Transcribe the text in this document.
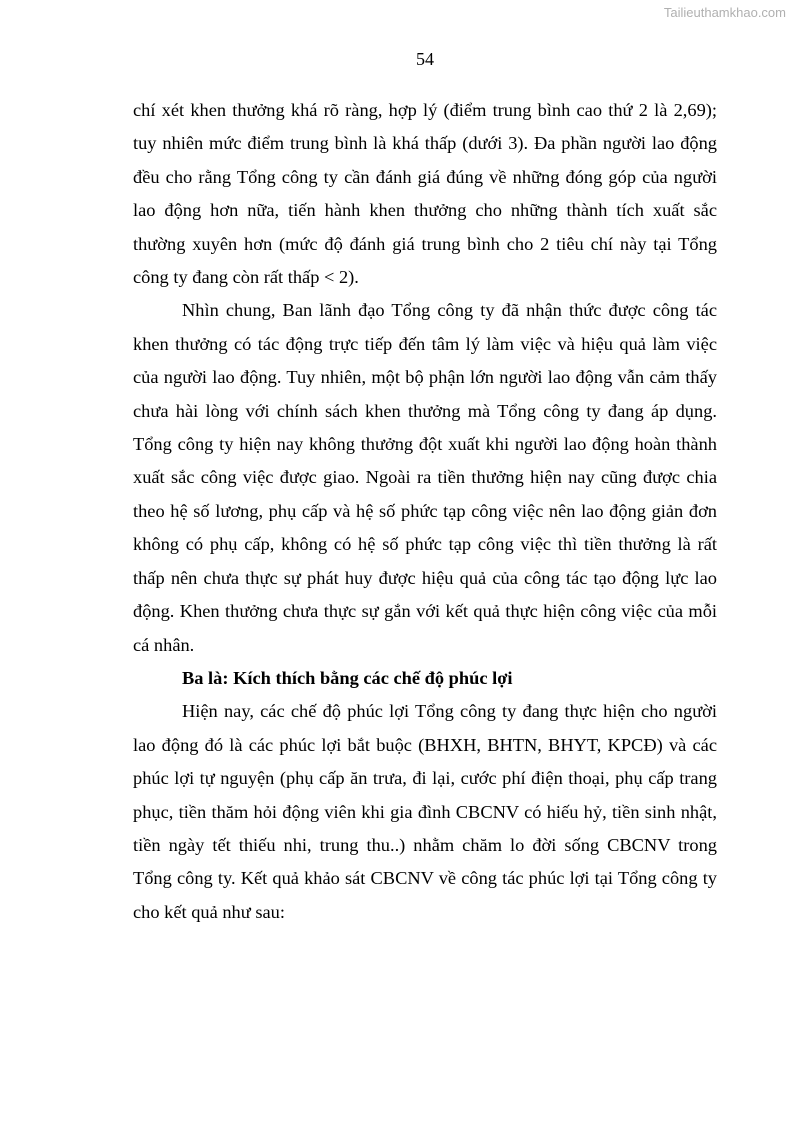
Tailieuthamkhao.com
54
chí xét khen thưởng khá rõ ràng, hợp lý (điểm trung bình cao thứ 2 là 2,69);
tuy nhiên mức điểm trung bình là khá thấp (dưới 3). Đa phần người lao động
đều cho rằng Tổng công ty cần đánh giá đúng về những đóng góp của người
lao động hơn nữa, tiến hành khen thưởng cho những thành tích xuất sắc
thường xuyên hơn (mức độ đánh giá trung bình cho 2 tiêu chí này tại Tổng
công ty đang còn rất thấp < 2).
Nhìn chung, Ban lãnh đạo Tổng công ty đã nhận thức được công tác
khen thưởng có tác động trực tiếp đến tâm lý làm việc và hiệu quả làm việc
của người lao động. Tuy nhiên, một bộ phận lớn người lao động vẫn cảm thấy
chưa hài lòng với chính sách khen thưởng mà Tổng công ty đang áp dụng.
Tổng công ty hiện nay không thưởng đột xuất khi người lao động hoàn thành
xuất sắc công việc được giao. Ngoài ra tiền thưởng hiện nay cũng được chia
theo hệ số lương, phụ cấp và hệ số phức tạp công việc nên lao động giản đơn
không có phụ cấp, không có hệ số phức tạp công việc thì tiền thưởng là rất
thấp nên chưa thực sự phát huy được hiệu quả của công tác tạo động lực lao
động. Khen thưởng chưa thực sự gắn với kết quả thực hiện công việc của mỗi
cá nhân.
Ba là: Kích thích bằng các chế độ phúc lợi
Hiện nay, các chế độ phúc lợi Tổng công ty đang thực hiện cho người
lao động đó là các phúc lợi bắt buộc (BHXH, BHTN, BHYT, KPCĐ) và các
phúc lợi tự nguyện (phụ cấp ăn trưa, đi lại, cước phí điện thoại, phụ cấp trang
phục, tiền thăm hỏi động viên khi gia đình CBCNV có hiếu hỷ, tiền sinh nhật,
tiền ngày tết thiếu nhi, trung thu..) nhằm chăm lo đời sống CBCNV trong
Tổng công ty. Kết quả khảo sát CBCNV về công tác phúc lợi tại Tổng công ty
cho kết quả như sau:
